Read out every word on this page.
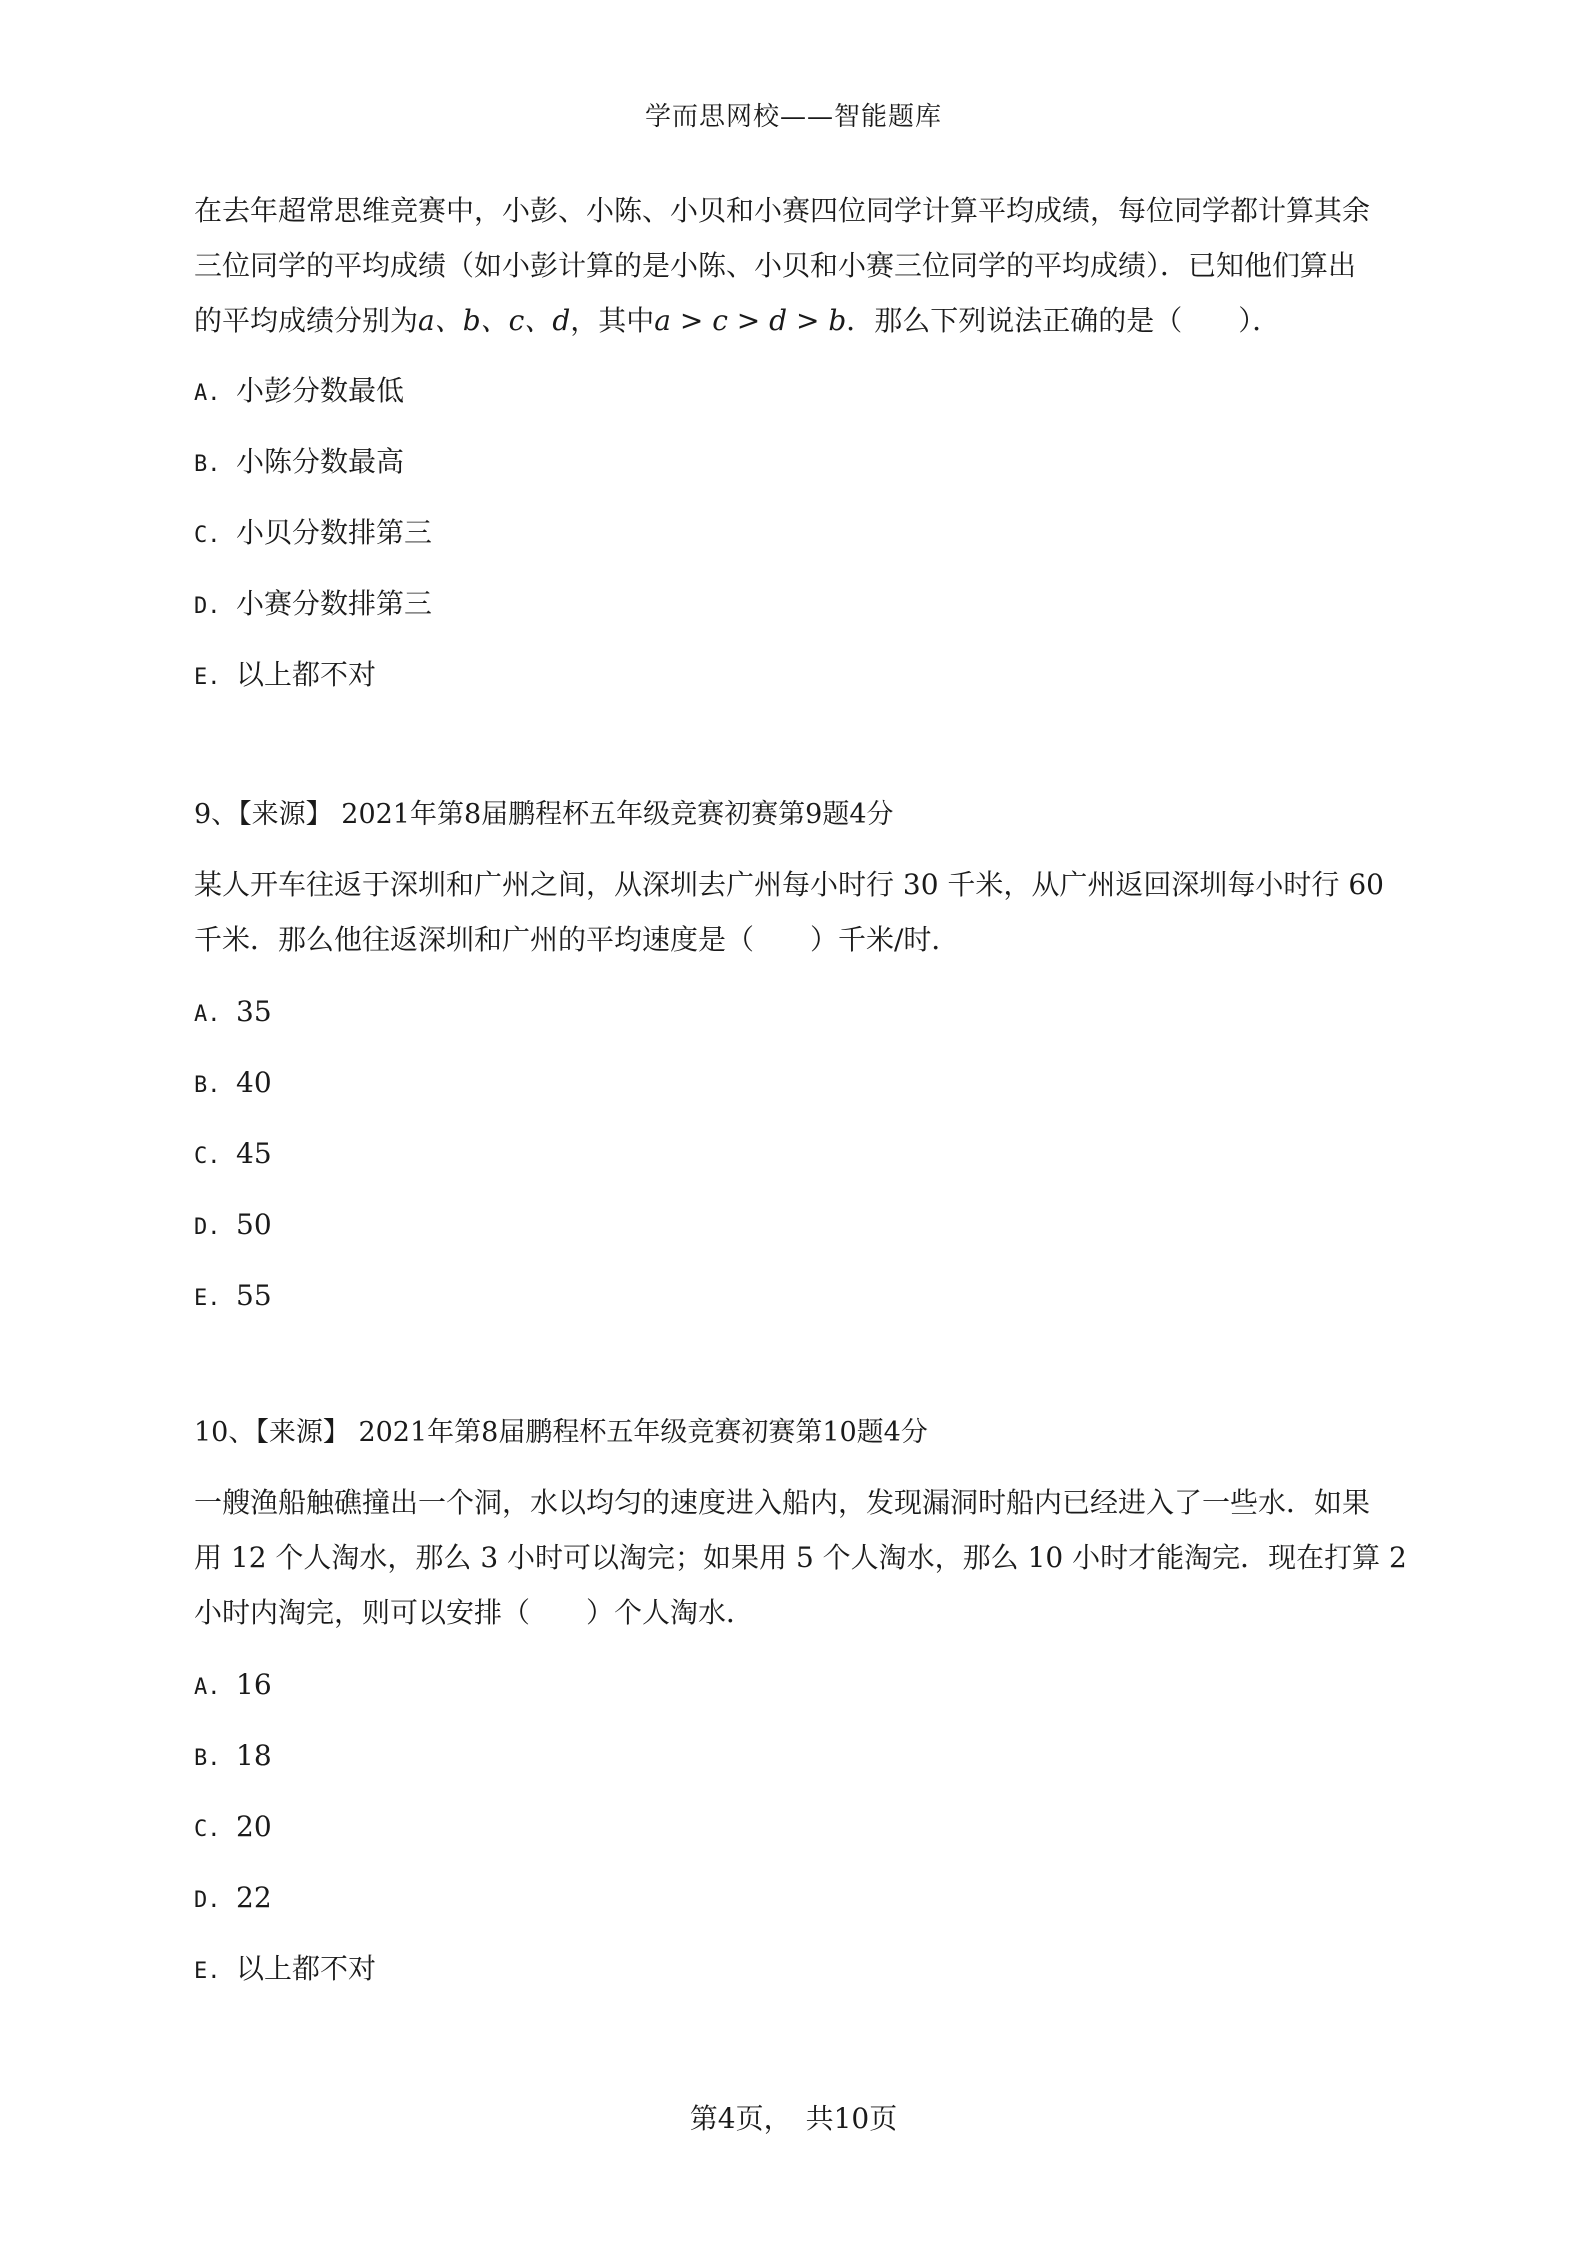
学而思网校——智能题库
在去年超常思维竞赛中，小彭、小陈、小贝和小赛四位同学计算平均成绩，每位同学都计算其余
三位同学的平均成绩（如小彭计算的是小陈、小贝和小赛三位同学的平均成绩）．已知他们算出
的平均成绩分别为a、b、c、d，其中a > c > d > b．那么下列说法正确的是（　　）．
A. 小彭分数最低
B. 小陈分数最高
C. 小贝分数排第三
D. 小赛分数排第三
E. 以上都不对
9、【来源】 2021年第8届鹏程杯五年级竞赛初赛第9题4分
某人开车往返于深圳和广州之间，从深圳去广州每小时行 30 千米，从广州返回深圳每小时行 60
千米．那么他往返深圳和广州的平均速度是（　　）千米/时．
A. 35
B. 40
C. 45
D. 50
E. 55
10、【来源】 2021年第8届鹏程杯五年级竞赛初赛第10题4分
一艘渔船触礁撞出一个洞，水以均匀的速度进入船内，发现漏洞时船内已经进入了一些水．如果
用 12 个人淘水，那么 3 小时可以淘完；如果用 5 个人淘水，那么 10 小时才能淘完．现在打算 2
小时内淘完，则可以安排（　　）个人淘水．
A. 16
B. 18
C. 20
D. 22
E. 以上都不对
第4页，　共10页
